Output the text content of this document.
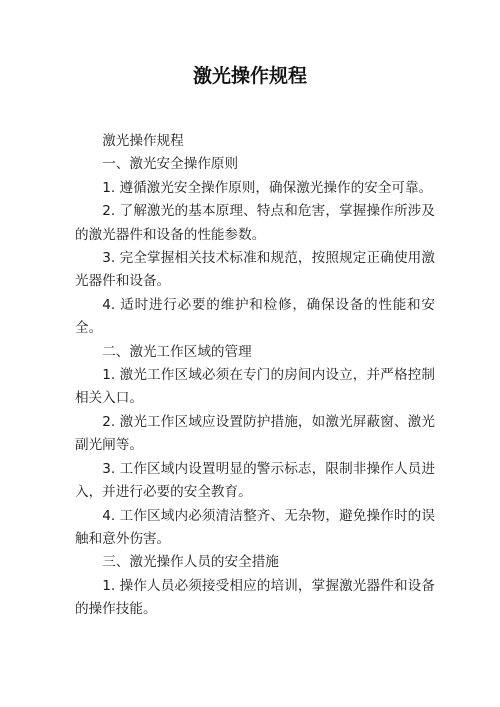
激光操作规程

激光操作规程

一、激光安全操作原则

1. 遵循激光安全操作原则，确保激光操作的安全可靠。

2. 了解激光的基本原理、特点和危害，掌握操作所涉及的激光器件和设备的性能参数。

3. 完全掌握相关技术标准和规范，按照规定正确使用激光器件和设备。

4. 适时进行必要的维护和检修，确保设备的性能和安全。

二、激光工作区域的管理

1. 激光工作区域必须在专门的房间内设立，并严格控制相关入口。

2. 激光工作区域应设置防护措施，如激光屏蔽窗、激光副光闸等。

3. 工作区域内设置明显的警示标志，限制非操作人员进入，并进行必要的安全教育。

4. 工作区域内必须清洁整齐、无杂物，避免操作时的误触和意外伤害。

三、激光操作人员的安全措施

1. 操作人员必须接受相应的培训，掌握激光器件和设备的操作技能。
